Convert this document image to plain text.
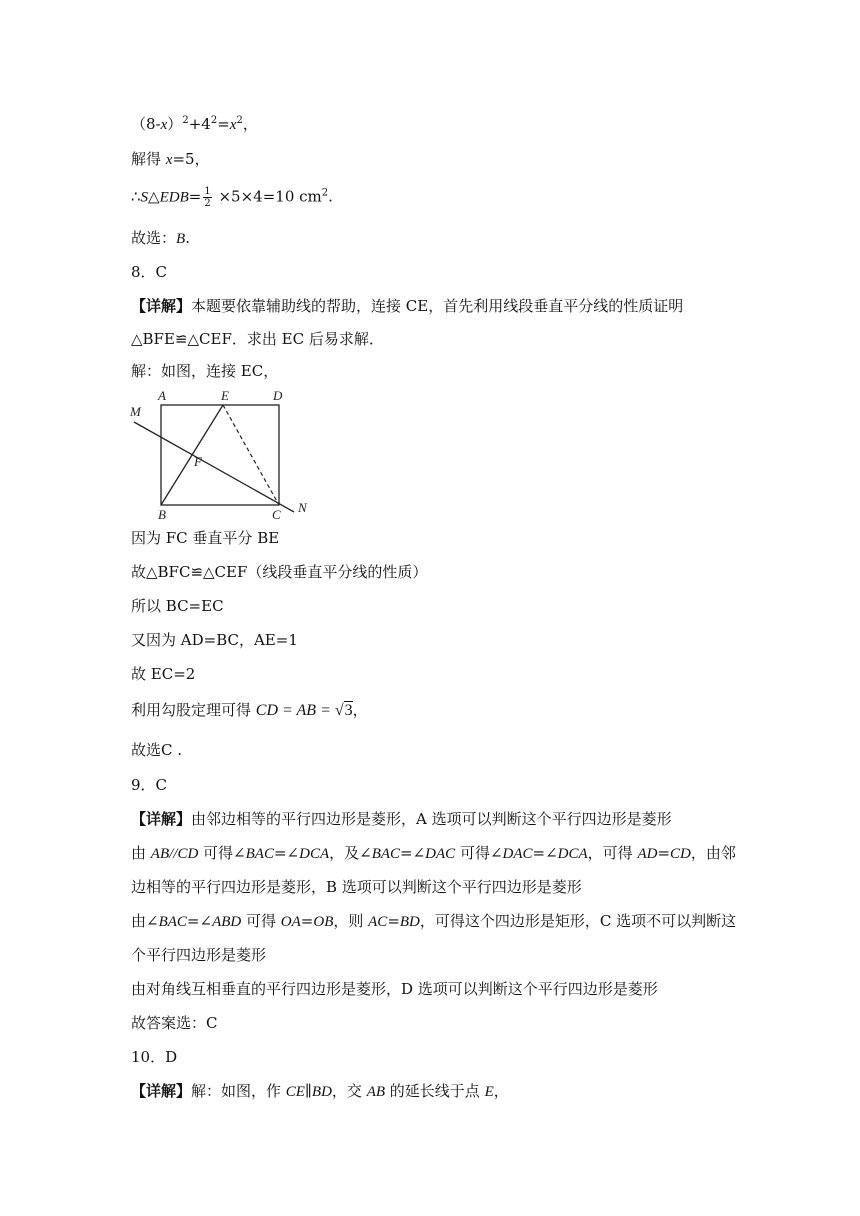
$(8-x)^2+4^2=x^2$，
解得 x=5，
∴S△EDB= $\frac{1}{2} \times 5\times 4=10$ $cm^2$.
故选：B.
8．C
【详解】本题要依靠辅助线的帮助，连接 CE，首先利用线段垂直平分线的性质证明
△BFE≌△CEF．求出 EC 后易求解．
解：如图，连接 EC，
A	E	D
M
F
B	C N
因为 FC 垂直平分 BE
故△BFC≌△CEF（线段垂直平分线的性质）
所以 BC=EC
又因为 AD=BC，AE=1
故 EC=2
利用勾股定理可得 CD = AB = √3，
故选C .
9．C
【详解】由邻边相等的平行四边形是菱形，A 选项可以判断这个平行四边形是菱形
由 AB//CD 可得∠BAC=∠DCA，及∠BAC=∠DAC 可得∠DAC=∠DCA，可得 AD=CD，由邻
边相等的平行四边形是菱形，B 选项可以判断这个平行四边形是菱形
由∠BAC=∠ABD 可得 OA=OB，则 AC=BD，可得这个四边形是矩形，C 选项不可以判断这
个平行四边形是菱形
由对角线互相垂直的平行四边形是菱形，D 选项可以判断这个平行四边形是菱形
故答案选：C
10．D
【详解】解：如图，作 CE∥BD，交 AB 的延长线于点 E，
